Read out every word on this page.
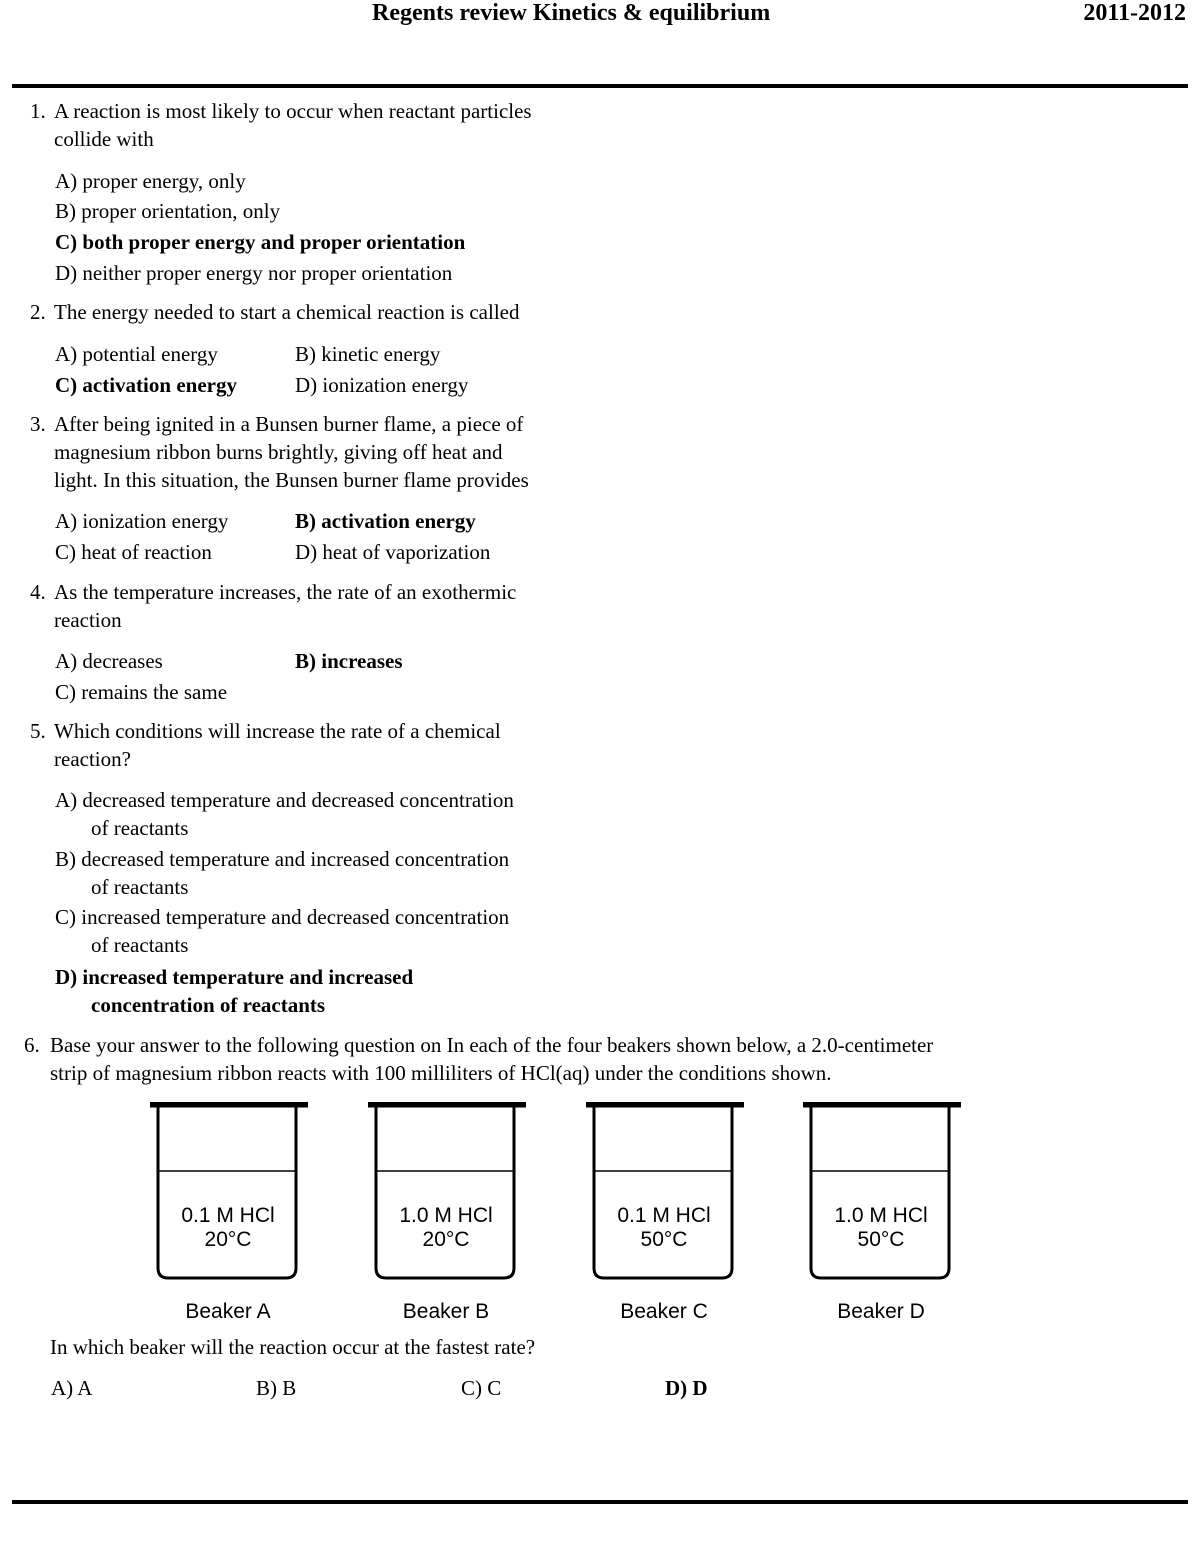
Regents review Kinetics & equilibrium	2011-2012
1. A reaction is most likely to occur when reactant particles
collide with
A) proper energy, only
B) proper orientation, only
C) both proper energy and proper orientation
D) neither proper energy nor proper orientation
2. The energy needed to start a chemical reaction is called
A) potential energy	B) kinetic energy
C) activation energy	D) ionization energy
3. After being ignited in a Bunsen burner flame, a piece of
magnesium ribbon burns brightly, giving off heat and
light. In this situation, the Bunsen burner flame provides
A) ionization energy	B) activation energy
C) heat of reaction	D) heat of vaporization
4. As the temperature increases, the rate of an exothermic
reaction
A) decreases	B) increases
C) remains the same
5. Which conditions will increase the rate of a chemical
reaction?
A) decreased temperature and decreased concentration
of reactants
B) decreased temperature and increased concentration
of reactants
C) increased temperature and decreased concentration
of reactants
D) increased temperature and increased
concentration of reactants
6. Base your answer to the following question on In each of the four beakers shown below, a 2.0-centimeter
strip of magnesium ribbon reacts with 100 milliliters of HCl(aq) under the conditions shown.
0.1 M HCl
20°C
Beaker A
1.0 M HCl
20°C
Beaker B
0.1 M HCl
50°C
Beaker C
1.0 M HCl
50°C
Beaker D
In which beaker will the reaction occur at the fastest rate?
A) A	B) B	C) C	D) D
